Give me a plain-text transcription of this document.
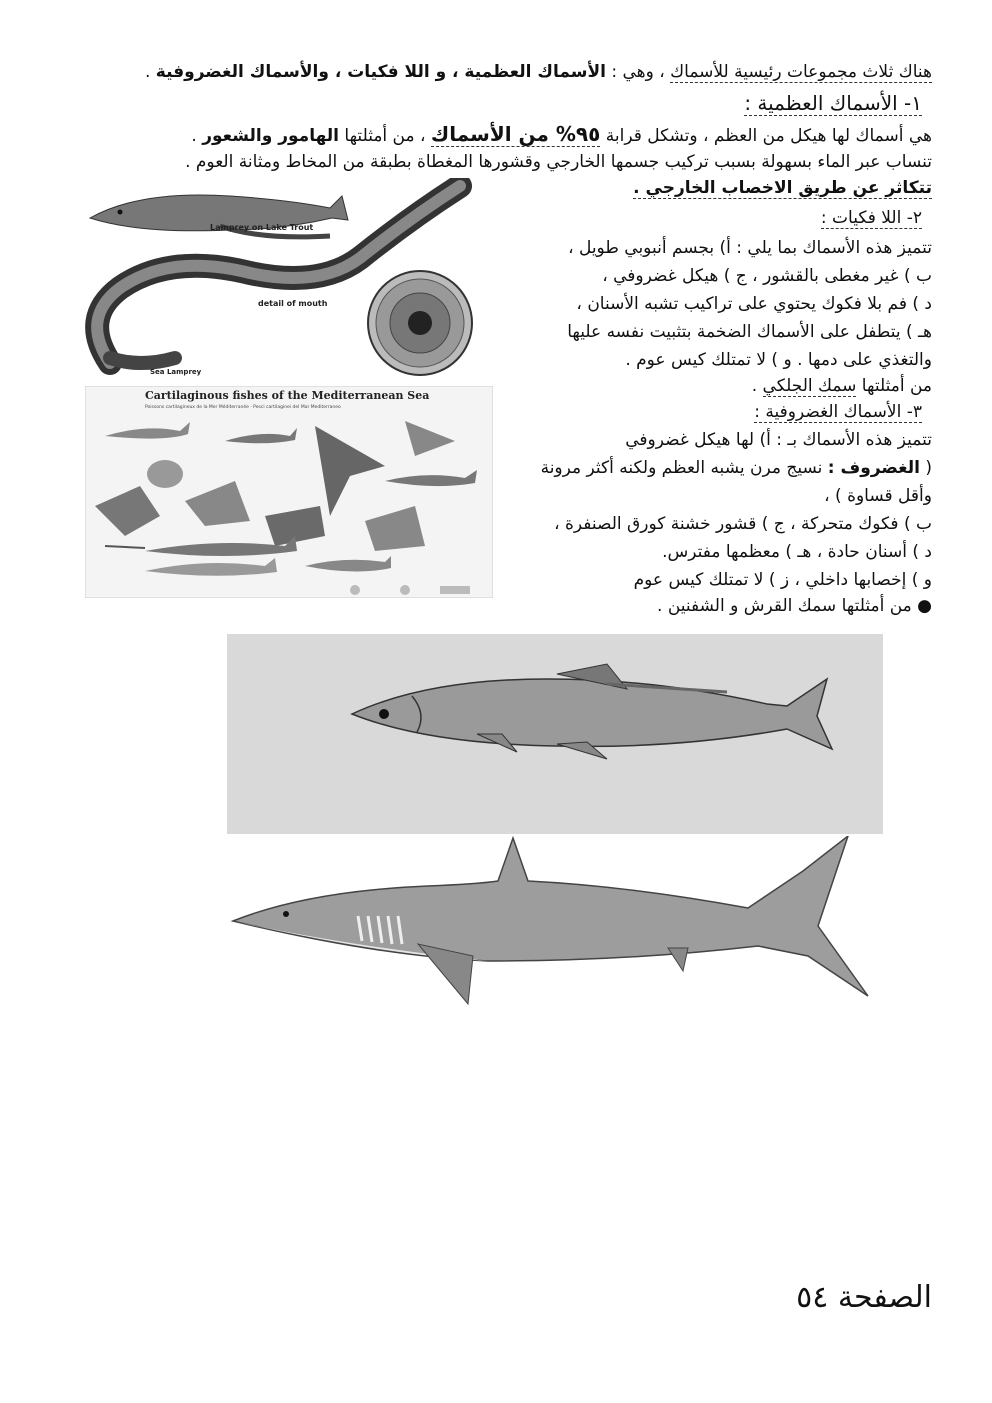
هناك ثلاث مجموعات رئيسية للأسماك ، وهي : الأسماك العظمية ، و اللا فكيات ، والأسماك الغضروفية .
١- الأسماك العظمية :
هي أسماك لها هيكل من العظم ، وتشكل قرابة ٩٥% من الأسماك ، من أمثلتها الهامور والشعور .
تنساب عبر الماء بسهولة بسبب تركيب جسمها الخارجي وقشورها المغطاة بطبقة من المخاط ومثانة العوم .
تتكاثر عن طريق الاخصاب الخارجي .

٢- اللا فكيات :

تتميز هذه الأسماك بما يلي : أ) بجسم أنبوبي طويل ،

ب ) غير مغطى بالقشور ، ج ) هيكل غضروفي ،

د ) فم بلا فكوك يحتوي على تراكيب تشبه الأسنان ،

هـ ) يتطفل على الأسماك الضخمة بتثبيت نفسه عليها

والتغذي على دمها . و ) لا تمتلك كيس عوم .

من أمثلتها سمك الجلكي .

٣- الأسماك الغضروفية :

تتميز هذه الأسماك بـ : أ) لها هيكل غضروفي

( الغضروف : نسيج مرن يشبه العظم ولكنه أكثر مرونة

وأقل قساوة ) ،

ب ) فكوك متحركة ، ج ) قشور خشنة كورق الصنفرة ،

د ) أسنان حادة ، هـ ) معظمها مفترس.

و ) إخصابها داخلي ، ز ) لا تمتلك كيس عوم

● من أمثلتها سمك القرش و الشفنين .

Lamprey on Lake Trout
Sea Lamprey
detail of mouth
Cartilaginous fishes of the Mediterranean Sea
Poissons cartilagineux de la Mer Méditerranée · Pesci cartilaginei del Mar Mediterraneo
الصفحة ٥٤
